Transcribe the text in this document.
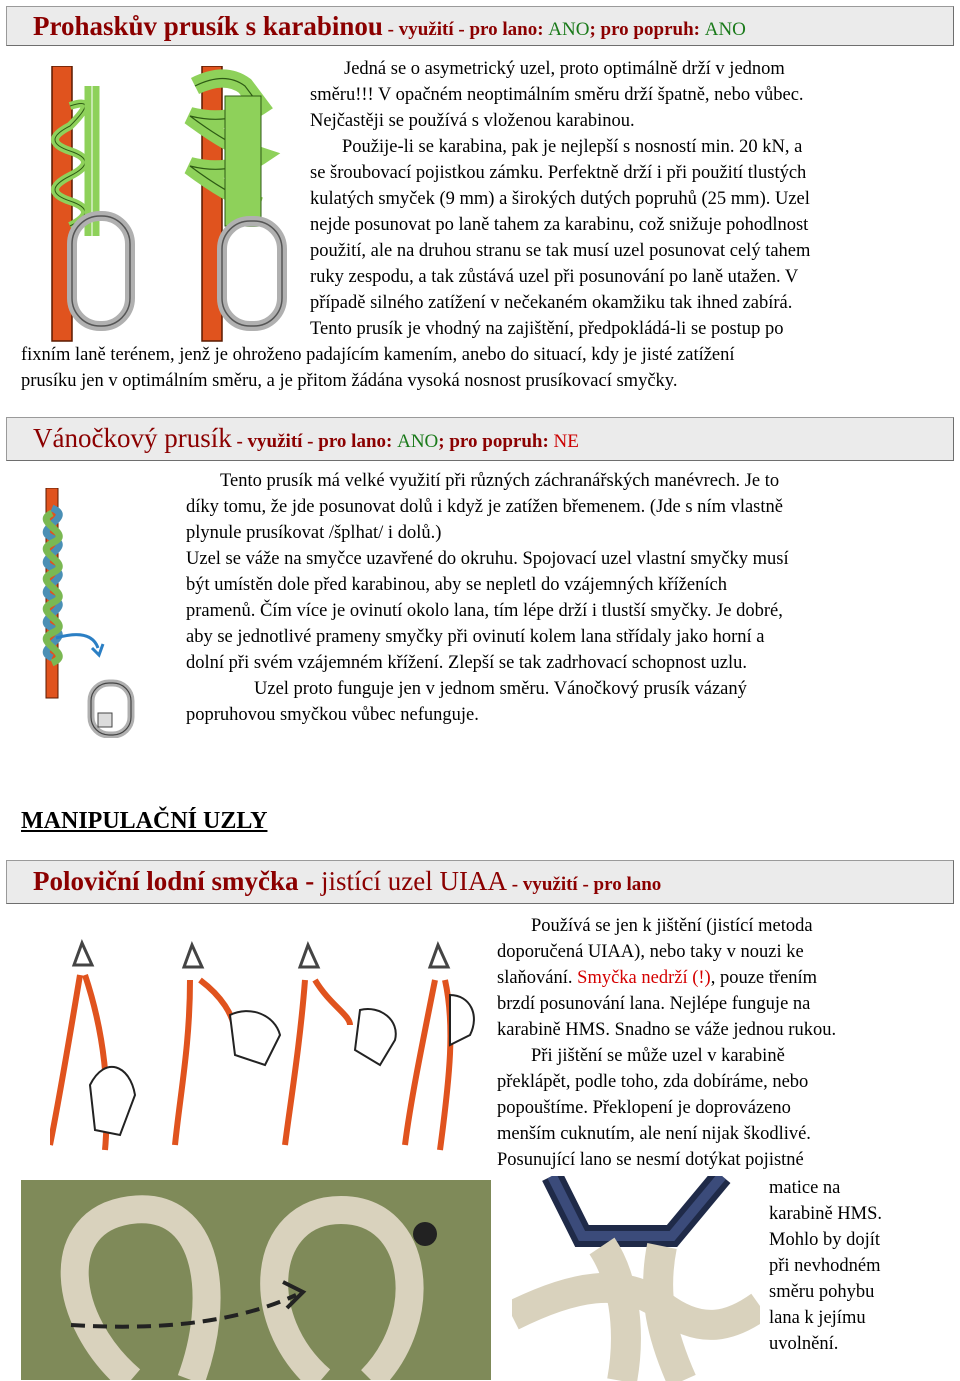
Prohaskův prusík s karabinou - využití - pro lano: ANO; pro popruh: ANO
Jedná se o asymetrický uzel, proto optimálně drží v jednom
směru!!! V opačném neoptimálním směru drží špatně, nebo vůbec.
Nejčastěji se používá s vloženou karabinou.
Použije-li se karabina, pak je nejlepší s nosností min. 20 kN, a
se šroubovací pojistkou zámku. Perfektně drží i při použití tlustých
kulatých smyček (9 mm) a širokých dutých popruhů (25 mm). Uzel
nejde posunovat po laně tahem za karabinu, což snižuje pohodlnost
použití, ale na druhou stranu se tak musí uzel posunovat celý tahem
ruky zespodu, a tak zůstává uzel při posunování po laně utažen. V
případě silného zatížení v nečekaném okamžiku tak ihned zabírá.
Tento prusík je vhodný na zajištění, předpokládá-li se postup po
fixním laně terénem, jenž je ohroženo padajícím kamením, anebo do situací, kdy je jisté zatížení
prusíku jen v optimálním směru, a je přitom žádána vysoká nosnost prusíkovací smyčky.
Vánočkový prusík - využití - pro lano: ANO; pro popruh: NE
Tento prusík má velké využití při různých záchranářských manévrech. Je to
díky tomu, že jde posunovat dolů i když je zatížen břemenem. (Jde s ním vlastně
plynule prusíkovat /šplhat/ i dolů.)
Uzel se váže na smyčce uzavřené do okruhu. Spojovací uzel vlastní smyčky musí
být umístěn dole před karabinou, aby se nepletl do vzájemných kříženích
pramenů. Čím více je ovinutí okolo lana, tím lépe drží i tlustší smyčky. Je dobré,
aby se jednotlivé prameny smyčky při ovinutí kolem lana střídaly jako horní a
dolní při svém vzájemném křížení. Zlepší se tak zadrhovací schopnost uzlu.
Uzel proto funguje jen v jednom směru. Vánočkový prusík vázaný
popruhovou smyčkou vůbec nefunguje.
MANIPULAČNÍ UZLY
Poloviční lodní smyčka - jistící uzel UIAA - využití - pro lano
Používá se jen k jištění (jistící metoda
doporučená UIAA), nebo taky v nouzi ke
slaňování. Smyčka nedrží (!), pouze třením
brzdí posunování lana. Nejlépe funguje na
karabině HMS. Snadno se váže jednou rukou.
Při jištění se může uzel v karabině
překlápět, podle toho, zda dobíráme, nebo
popouštíme. Překlopení je doprovázeno
menším cuknutím, ale není nijak škodlivé.
Posunující lano se nesmí dotýkat pojistné
matice na
karabině HMS.
Mohlo by dojít
při nevhodném
směru pohybu
lana k jejímu
uvolnění.
